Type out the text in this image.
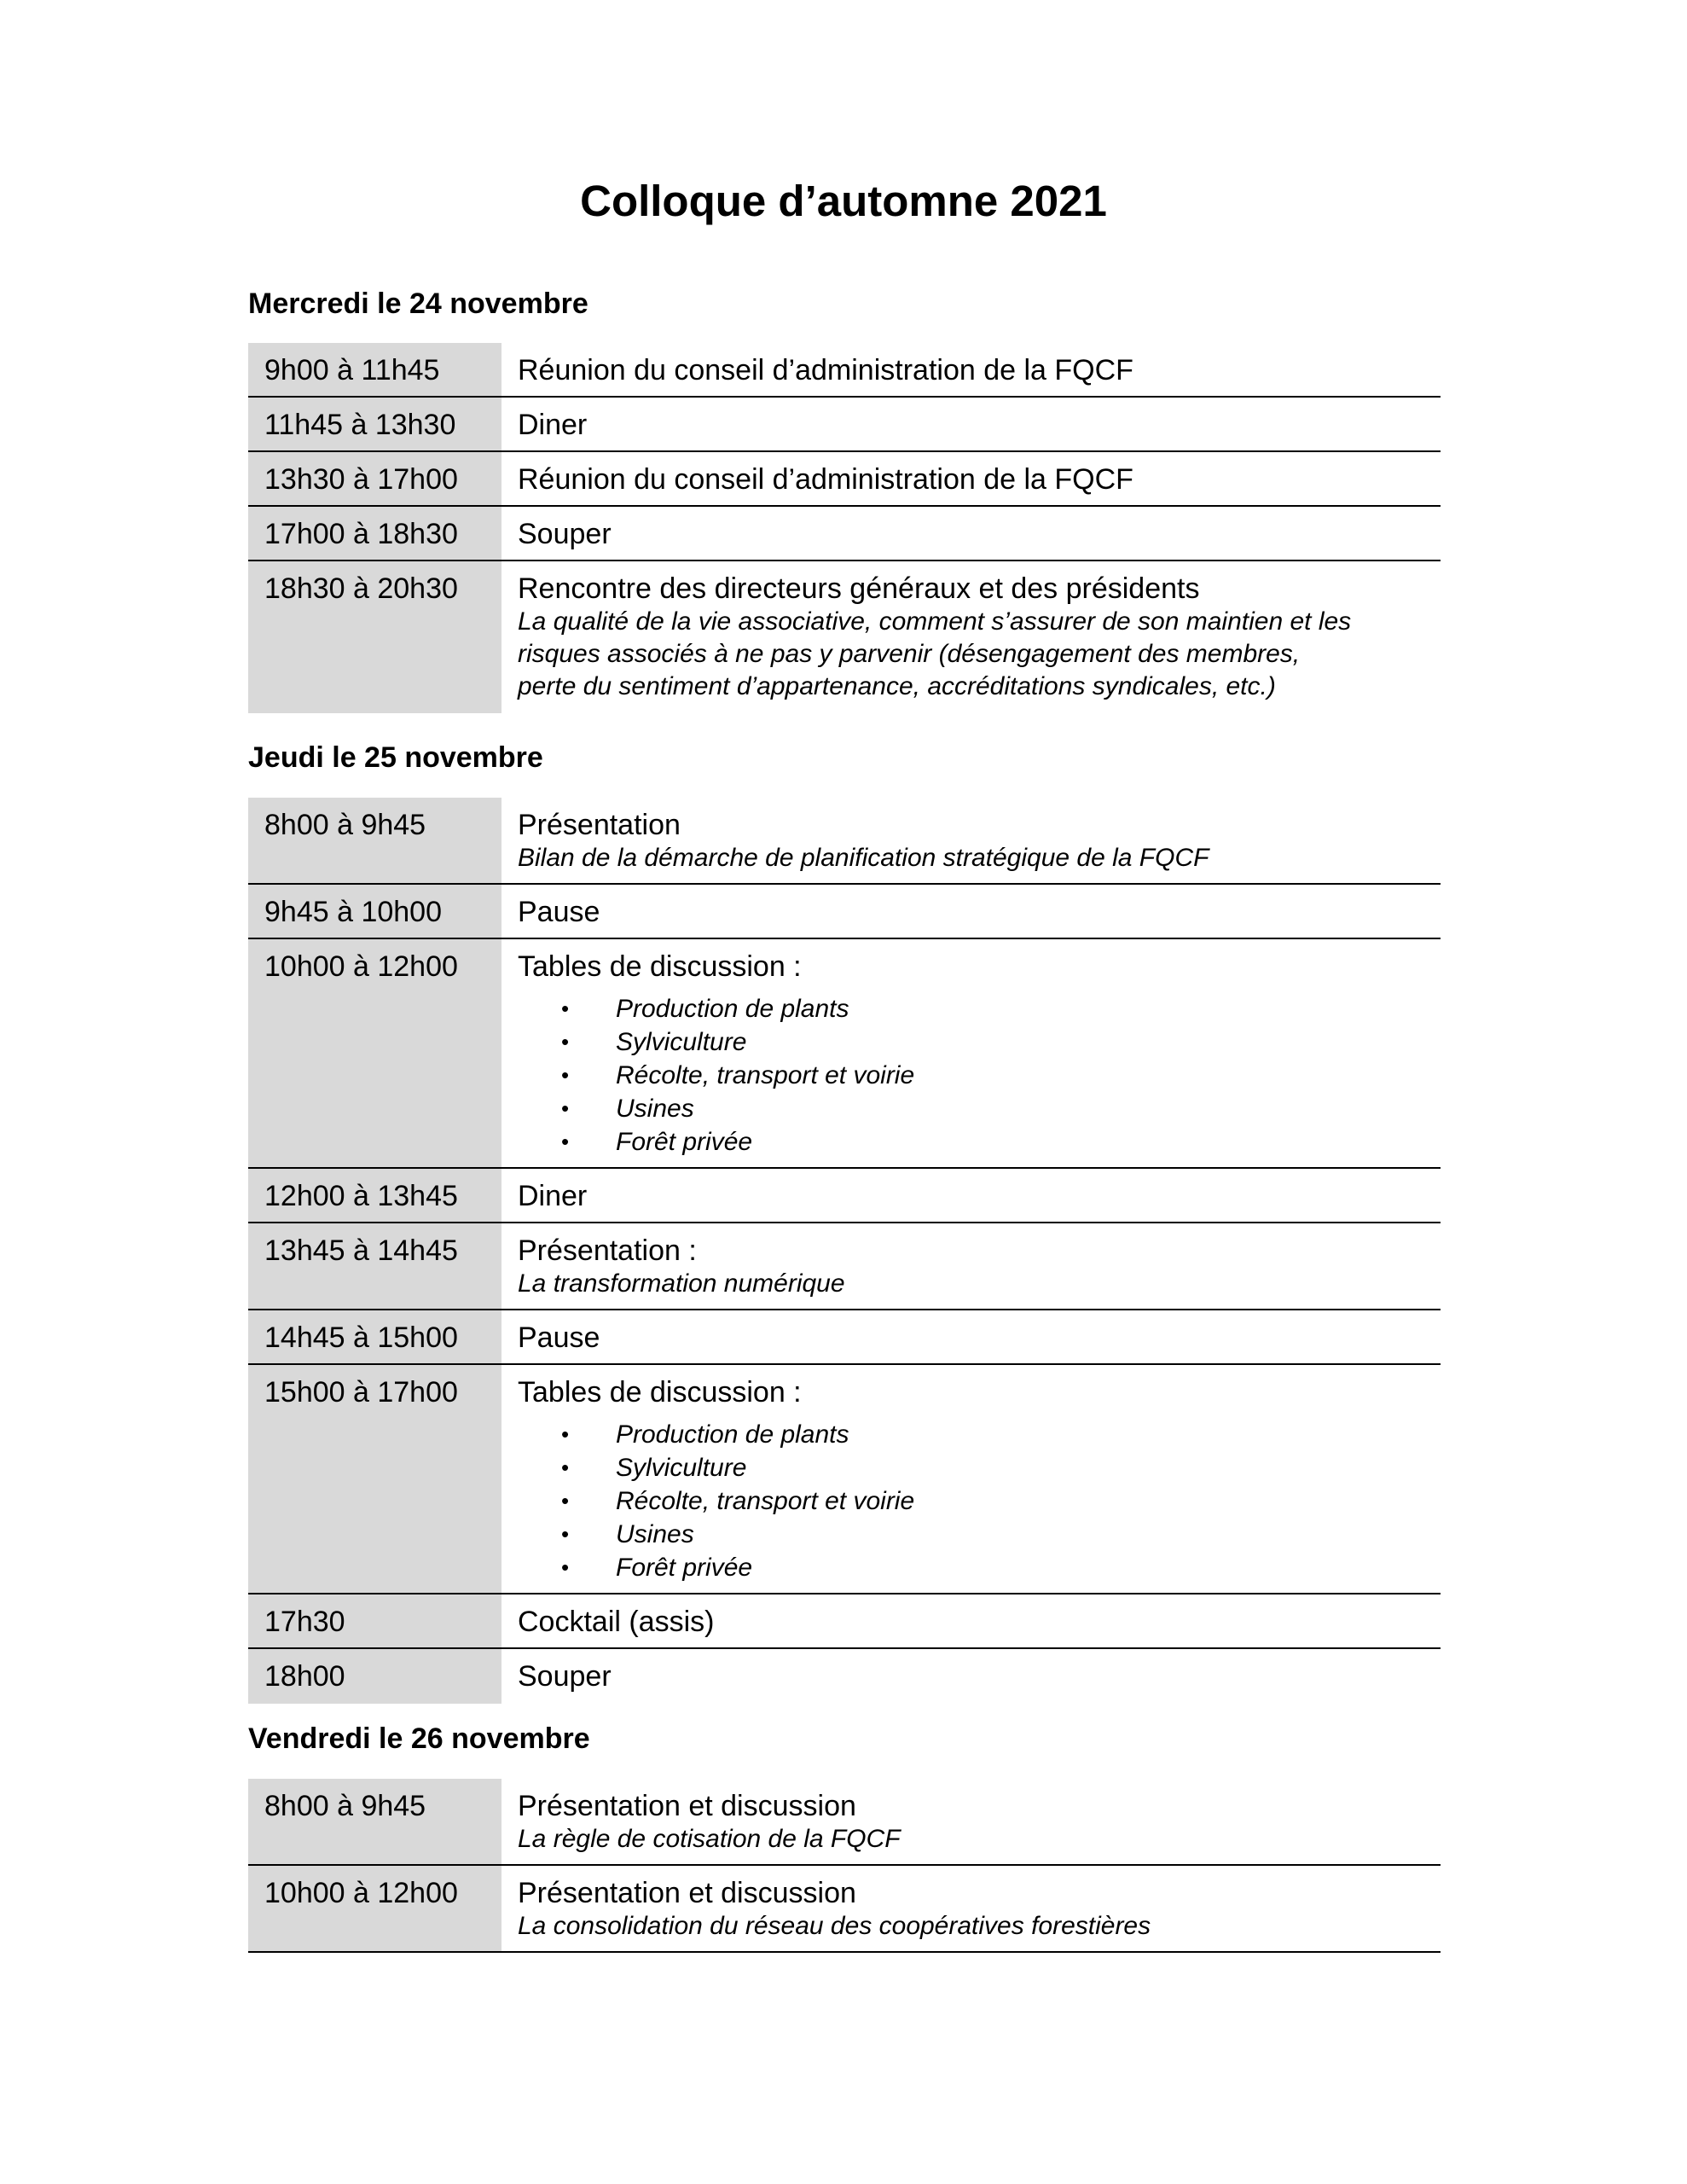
Colloque d’automne 2021
Mercredi le 24 novembre
9h00 à 11h45	Réunion du conseil d’administration de la FQCF
11h45 à 13h30	Diner
13h30 à 17h00	Réunion du conseil d’administration de la FQCF
17h00 à 18h30	Souper
18h30 à 20h30	Rencontre des directeurs généraux et des présidents
La qualité de la vie associative, comment s’assurer de son maintien et les
risques associés à ne pas y parvenir (désengagement des membres,
perte du sentiment d’appartenance, accréditations syndicales, etc.)
Jeudi le 25 novembre
8h00 à 9h45	Présentation
Bilan de la démarche de planification stratégique de la FQCF
9h45 à 10h00	Pause
10h00 à 12h00	Tables de discussion :
• Production de plants
• Sylviculture
• Récolte, transport et voirie
• Usines
• Forêt privée
12h00 à 13h45	Diner
13h45 à 14h45	Présentation :
La transformation numérique
14h45 à 15h00	Pause
15h00 à 17h00	Tables de discussion :
• Production de plants
• Sylviculture
• Récolte, transport et voirie
• Usines
• Forêt privée
17h30	Cocktail (assis)
18h00	Souper
Vendredi le 26 novembre
8h00 à 9h45	Présentation et discussion
La règle de cotisation de la FQCF
10h00 à 12h00	Présentation et discussion
La consolidation du réseau des coopératives forestières
